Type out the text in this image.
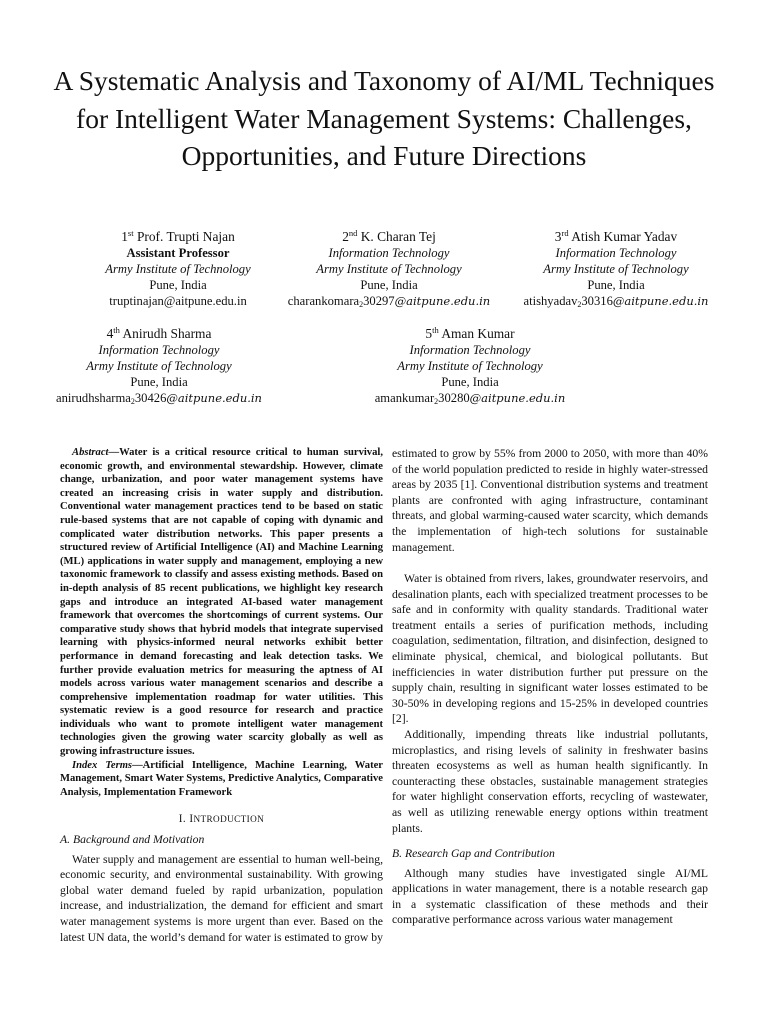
A Systematic Analysis and Taxonomy of AI/ML Techniques for Intelligent Water Management Systems: Challenges, Opportunities, and Future Directions
1st Prof. Trupti Najan
Assistant Professor
Army Institute of Technology
Pune, India
truptinajan@aitpune.edu.in
2nd K. Charan Tej
Information Technology
Army Institute of Technology
Pune, India
charankomara$_2$30297@aitpune.edu.in
3rd Atish Kumar Yadav
Information Technology
Army Institute of Technology
Pune, India
atishyadav$_2$30316@aitpune.edu.in
4th Anirudh Sharma
Information Technology
Army Institute of Technology
Pune, India
anirudhsharma$_2$30426@aitpune.edu.in
5th Aman Kumar
Information Technology
Army Institute of Technology
Pune, India
amankumar$_2$30280@aitpune.edu.in

Abstract—Water is a critical resource critical to human survival, economic growth, and environmental stewardship. However, climate change, urbanization, and poor water management systems have created an increasing crisis in water supply and distribution. Conventional water management practices tend to be based on static rule-based systems that are not capable of coping with dynamic and complicated water distribution networks. This paper presents a structured review of Artificial Intelligence (AI) and Machine Learning (ML) applications in water supply and management, employing a new taxonomic framework to classify and assess existing methods. Based on in-depth analysis of 85 recent publications, we highlight key research gaps and introduce an integrated AI-based water management framework that overcomes the shortcomings of current systems. Our comparative study shows that hybrid models that integrate supervised learning with physics-informed neural networks exhibit better performance in demand forecasting and leak detection tasks. We further provide evaluation metrics for measuring the aptness of AI models across various water management scenarios and describe a comprehensive implementation roadmap for water utilities. This systematic review is a good resource for research and practice individuals who want to promote intelligent water management technologies given the growing water scarcity globally as well as growing infrastructure issues.

Index Terms—Artificial Intelligence, Machine Learning, Water Management, Smart Water Systems, Predictive Analytics, Comparative Analysis, Implementation Framework

I. INTRODUCTION
A. Background and Motivation

Water supply and management are essential to human well-being, economic security, and environmental sustainability. With growing global water demand fueled by rapid urbanization, population increase, and industrialization, the demand for efficient and smart water management systems is more urgent than ever. Based on the latest UN data, the world’s demand for water is estimated to grow by

estimated to grow by 55% from 2000 to 2050, with more than 40% of the world population predicted to reside in highly water-stressed areas by 2035 [1]. Conventional distribution systems and treatment plants are confronted with aging infrastructure, contaminant threats, and global warming-caused water scarcity, which demands the implementation of high-tech solutions for sustainable management.

Water is obtained from rivers, lakes, groundwater reservoirs, and desalination plants, each with specialized treatment processes to be safe and in conformity with quality standards. Traditional water treatment entails a series of purification methods, including coagulation, sedimentation, filtration, and disinfection, designed to eliminate physical, chemical, and biological pollutants. But inefficiencies in water distribution further put pressure on the supply chain, resulting in significant water losses estimated to be 30-50% in developing regions and 15-25% in developed countries [2].

Additionally, impending threats like industrial pollutants, microplastics, and rising levels of salinity in freshwater basins threaten ecosystems as well as human health significantly. In counteracting these obstacles, sustainable management strategies for water highlight conservation efforts, recycling of wastewater, as well as utilizing renewable energy options within treatment plants.

B. Research Gap and Contribution

Although many studies have investigated single AI/ML applications in water management, there is a notable research gap in a systematic classification of these methods and their comparative performance across various water management
